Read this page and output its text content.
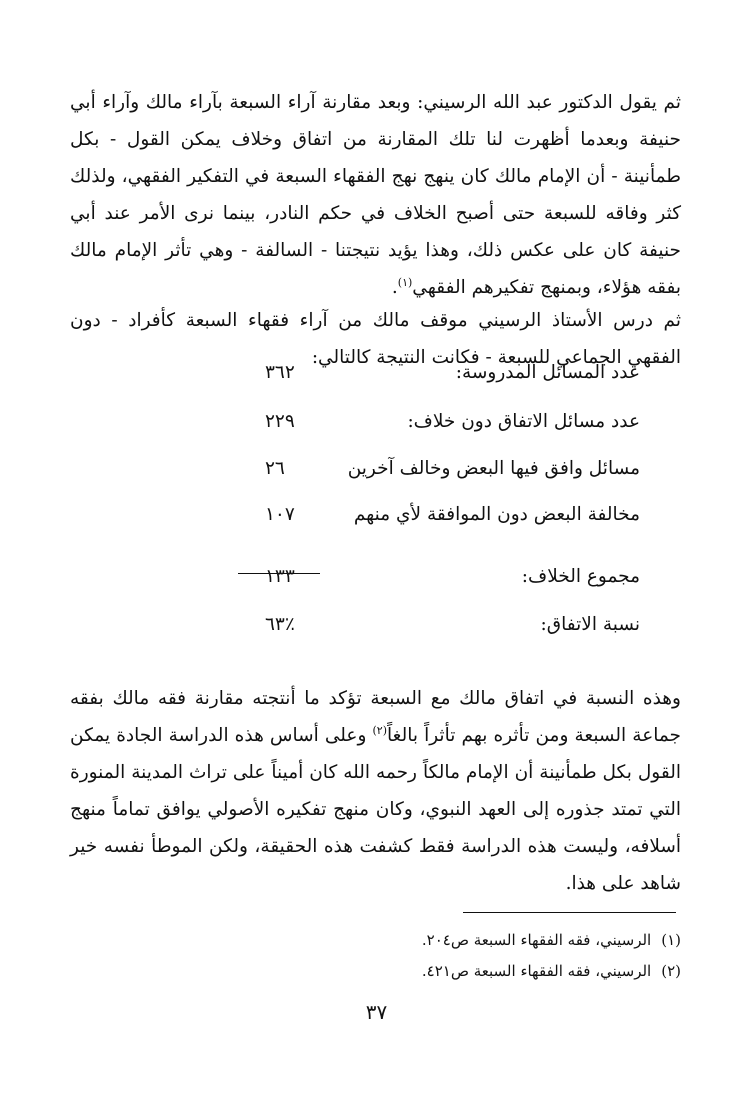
ثم يقول الدكتور عبد الله الرسيني: وبعد مقارنة آراء السبعة بآراء مالك وآراء أبي حنيفة وبعدما أظهرت لنا تلك المقارنة من اتفاق وخلاف يمكن القول - بكل طمأنينة - أن الإمام مالك كان ينهج نهج الفقهاء السبعة في التفكير الفقهي، ولذلك كثر وفاقه للسبعة حتى أصبح الخلاف في حكم النادر، بينما نرى الأمر عند أبي حنيفة كان على عكس ذلك، وهذا يؤيد نتيجتنا - السالفة - وهي تأثر الإمام مالك بفقه هؤلاء، وبمنهج تفكيرهم الفقهي$^{(١)}$.

ثم درس الأستاذ الرسيني موقف مالك من آراء فقهاء السبعة كأفراد - دون الفقهي الجماعي للسبعة - فكانت النتيجة كالتالي:

عدد المسائل المدروسة:
٣٦٢
عدد مسائل الاتفاق دون خلاف:
٢٢٩
مسائل وافق فيها البعض وخالف آخرين
٢٦
مخالفة البعض دون الموافقة لأي منهم
١٠٧
مجموع الخلاف:
١٣٣
نسبة الاتفاق:
٦٣٪

وهذه النسبة في اتفاق مالك مع السبعة تؤكد ما أنتجته مقارنة فقه مالك بفقه جماعة السبعة ومن تأثره بهم تأثراً بالغاً$^{(٢)}$ وعلى أساس هذه الدراسة الجادة يمكن القول بكل طمأنينة أن الإمام مالكاً رحمه الله كان أميناً على تراث المدينة المنورة التي تمتد جذوره إلى العهد النبوي، وكان منهج تفكيره الأصولي يوافق تماماً منهج أسلافه، وليست هذه الدراسة فقط كشفت هذه الحقيقة، ولكن الموطأ نفسه خير شاهد على هذا.

(١)الرسيني، فقه الفقهاء السبعة ص٢٠٤.
(٢)الرسيني، فقه الفقهاء السبعة ص٤٢١.
٣٧
